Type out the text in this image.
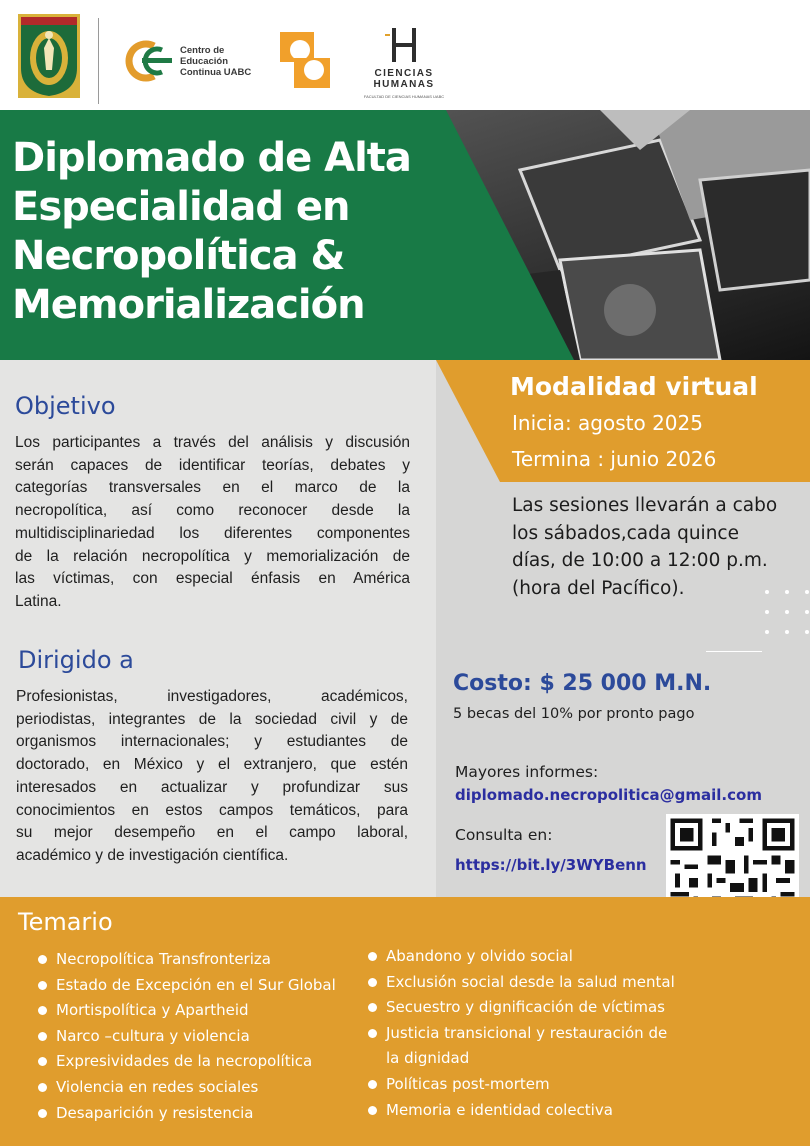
Centro de
Educación
Continua UABC	CIENCIAS
HUMANAS
FACULTAD DE CIENCIAS HUMANAS UABC
Diplomado de Alta
Especialidad en
Necropolítica &
Memorialización
Objetivo
Los participantes a través del análisis y discusión
serán capaces de identificar teorías, debates y
categorías transversales en el marco de la
necropolítica, así como reconocer desde la
multidisciplinariedad los diferentes componentes
de la relación necropolítica y memorialización de
las víctimas, con especial énfasis en América
Latina.
Dirigido a
Profesionistas, investigadores, académicos,
periodistas, integrantes de la sociedad civil y de
organismos internacionales; y estudiantes de
doctorado, en México y el extranjero, que estén
interesados en actualizar y profundizar sus
conocimientos en estos campos temáticos, para
su mejor desempeño en el campo laboral,
académico y de investigación científica.
Modalidad virtual
Inicia: agosto 2025
Termina : junio 2026
Las sesiones llevarán a cabo
los sábados,cada quince
días, de 10:00 a 12:00 p.m.
(hora del Pacífico).
Costo: $ 25 000 M.N.
5 becas del 10% por pronto pago
Mayores informes:
diplomado.necropolitica@gmail.com
Consulta en:
https://bit.ly/3WYBenn
Temario
Necropolítica Transfronteriza
Estado de Excepción en el Sur Global
Mortispolítica y Apartheid
Narco –cultura y violencia
Expresividades de la necropolítica
Violencia en redes sociales
Desaparición y resistencia
Abandono y olvido social
Exclusión social desde la salud mental
Secuestro y dignificación de víctimas
Justicia transicional y restauración de
la dignidad
Políticas post-mortem
Memoria e identidad colectiva
